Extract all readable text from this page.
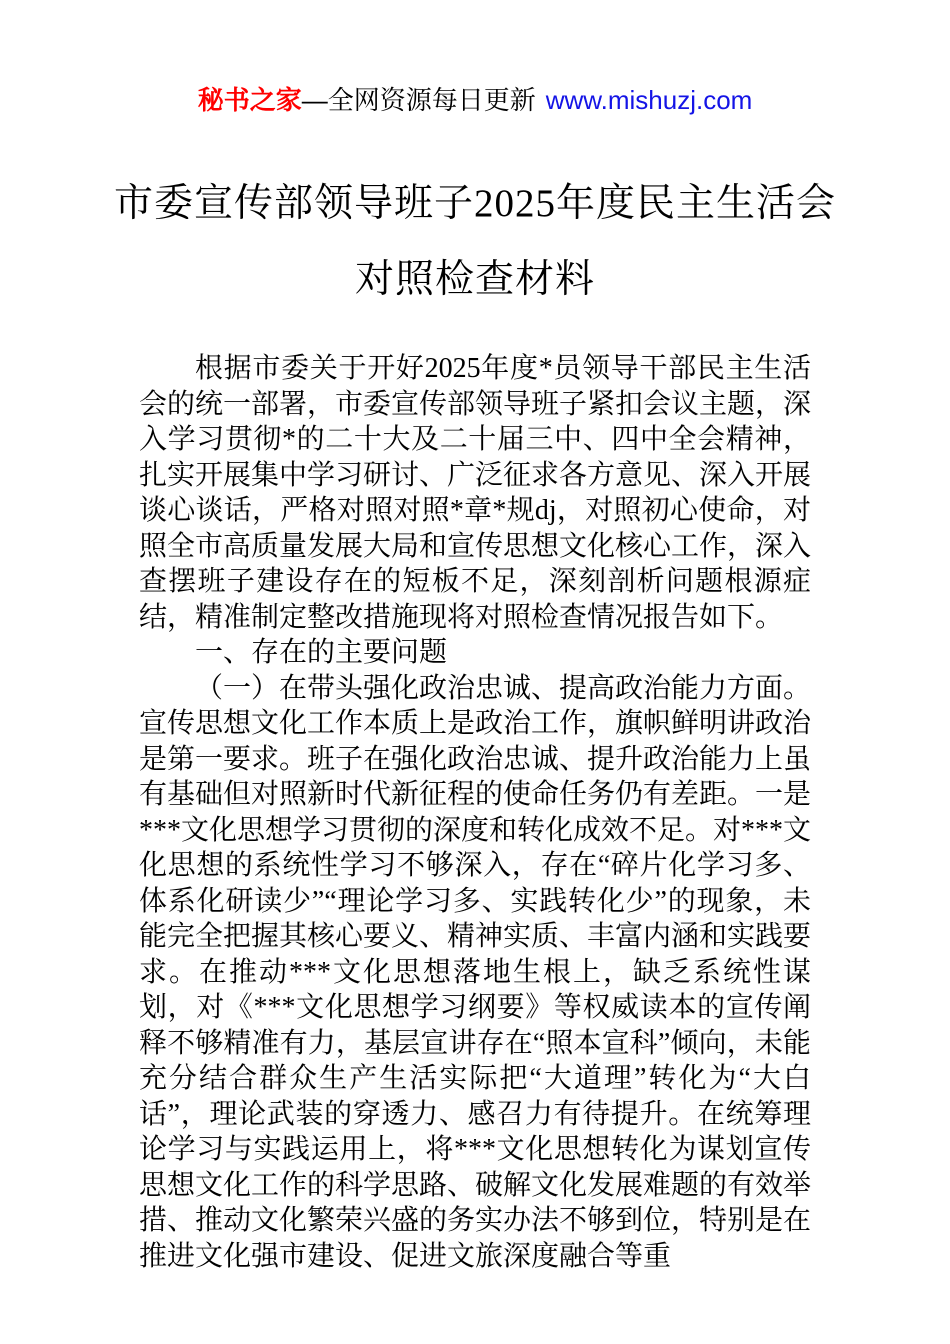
秘书之家—全网资源每日更新 www.mishuzj.com
市委宣传部领导班子2025年度民主生活会
对照检查材料

根据市委关于开好2025年度*员领导干部民主生活会的统一部署，市委宣传部领导班子紧扣会议主题，深入学习贯彻*的二十大及二十届三中、四中全会精神，扎实开展集中学习研讨、广泛征求各方意见、深入开展谈心谈话，严格对照对照*章*规dj，对照初心使命，对照全市高质量发展大局和宣传思想文化核心工作，深入查摆班子建设存在的短板不足，深刻剖析问题根源症结，精准制定整改措施现将对照检查情况报告如下。

一、存在的主要问题

（一）在带头强化政治忠诚、提高政治能力方面。宣传思想文化工作本质上是政治工作，旗帜鲜明讲政治是第一要求。班子在强化政治忠诚、提升政治能力上虽有基础但对照新时代新征程的使命任务仍有差距。一是***文化思想学习贯彻的深度和转化成效不足。对***文化思想的系统性学习不够深入，存在“碎片化学习多、体系化研读少”“理论学习多、实践转化少”的现象，未能完全把握其核心要义、精神实质、丰富内涵和实践要求。在推动***文化思想落地生根上，缺乏系统性谋划，对《***文化思想学习纲要》等权威读本的宣传阐释不够精准有力，基层宣讲存在“照本宣科”倾向，未能充分结合群众生产生活实际把“大道理”转化为“大白话”，理论武装的穿透力、感召力有待提升。在统筹理论学习与实践运用上，将***文化思想转化为谋划宣传思想文化工作的科学思路、破解文化发展难题的有效举措、推动文化繁荣兴盛的务实办法不够到位，特别是在推进文化强市建设、促进文旅深度融合等重
